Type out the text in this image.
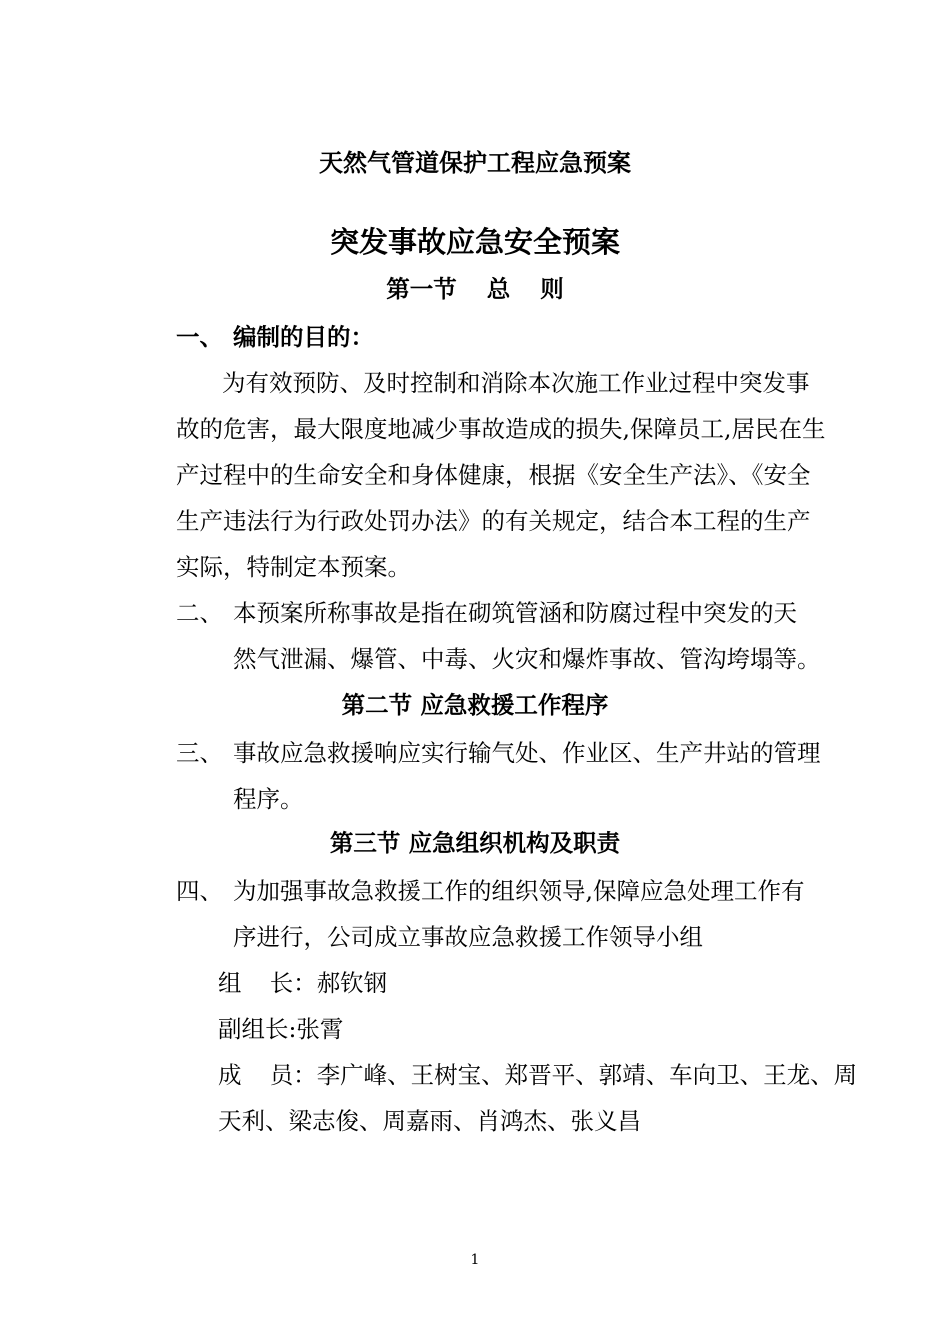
天然气管道保护工程应急预案
突发事故应急安全预案
第一节 总 则
一、 编制的目的：
为有效预防、及时控制和消除本次施工作业过程中突发事
故的危害，最大限度地减少事故造成的损失,保障员工,居民在生
产过程中的生命安全和身体健康，根据《安全生产法》、《安全
生产违法行为行政处罚办法》的有关规定，结合本工程的生产
实际，特制定本预案。
二、 本预案所称事故是指在砌筑管涵和防腐过程中突发的天
然气泄漏、爆管、中毒、火灾和爆炸事故、管沟垮塌等。
第二节 应急救援工作程序
三、 事故应急救援响应实行输气处、作业区、生产井站的管理
程序。
第三节 应急组织机构及职责
四、 为加强事故急救援工作的组织领导,保障应急处理工作有
序进行，公司成立事故应急救援工作领导小组
组 长：郝钦钢
副组长:张霄
成 员：李广峰、王树宝、郑晋平、郭靖、车向卫、王龙、周
天利、梁志俊、周嘉雨、肖鸿杰、张义昌
1
